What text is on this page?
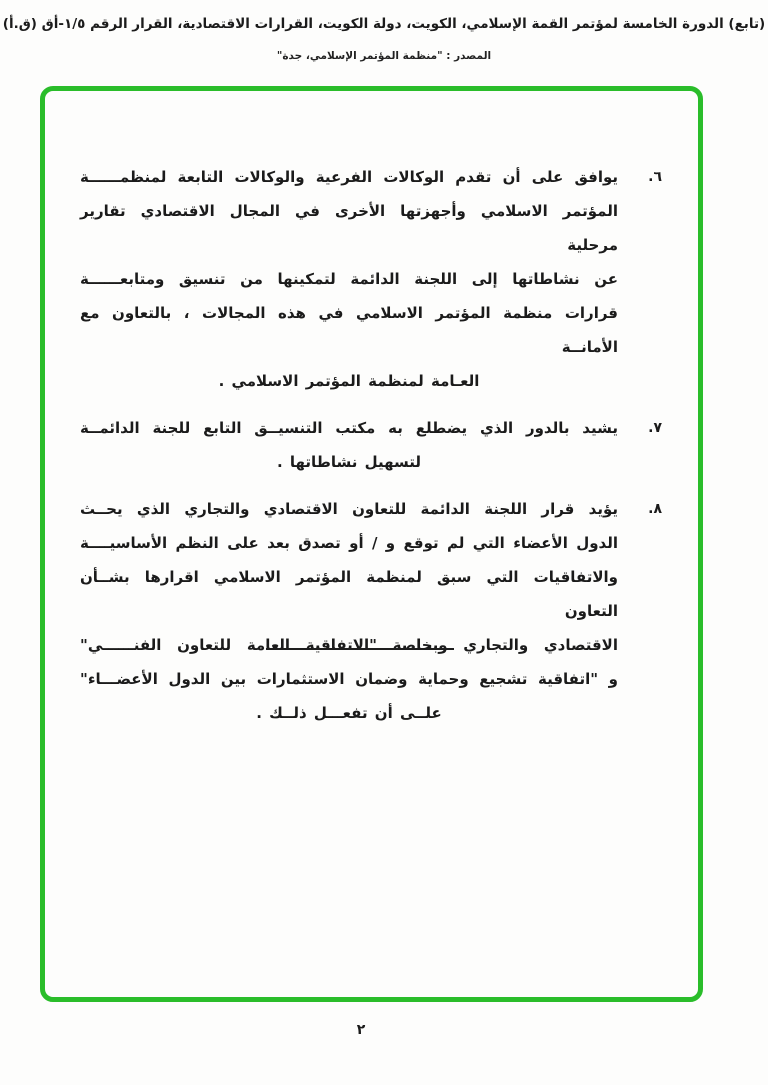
(تابع) الدورة الخامسة لمؤتمر القمة الإسلامي، الكويت، دولة الكويت، القرارات الاقتصادية، القرار الرقم ١/٥-أق (ق.أ)
المصدر : "منظمة المؤتمر الإسلامي، جدة"
٦.
يوافق على أن تقدم الوكالات الفرعية والوكالات التابعة لمنظمــــــة
المؤتمر الاسلامي وأجهزتها الأخرى في المجال الاقتصادي تقارير مرحلية
عن نشاطاتها إلى اللجنة الدائمة لتمكينها من تنسيق ومتابعــــــة
قرارات منظمة المؤتمر الاسلامي في هذه المجالات ، بالتعاون مع الأمانــة
العـامة لمنظمة المؤتمر الاسلامي .
٧.
يشيد بالدور الذي يضطلع به مكتب التنسيــق التابع للجنة الدائمــة
لتسهيل نشاطاتها .
٨.
يؤيد قرار اللجنة الدائمة للتعاون الاقتصادي والتجاري الذي يحــث
الدول الأعضاء التي لم توقع و / أو تصدق بعد على النظم الأساسيــــة
والاتفاقيات التي سبق لمنظمة المؤتمر الاسلامي اقرارها بشــأن التعاون
الاقتصادي والتجاري وبخاصة "الاتفاقية العامة للتعاون الفنــــــي"
و "اتفاقية تشجيع وحماية وضمان الاستثمارات بين الدول الأعضـــاء"
علــى أن تفعـــل ذلــك .
٢
